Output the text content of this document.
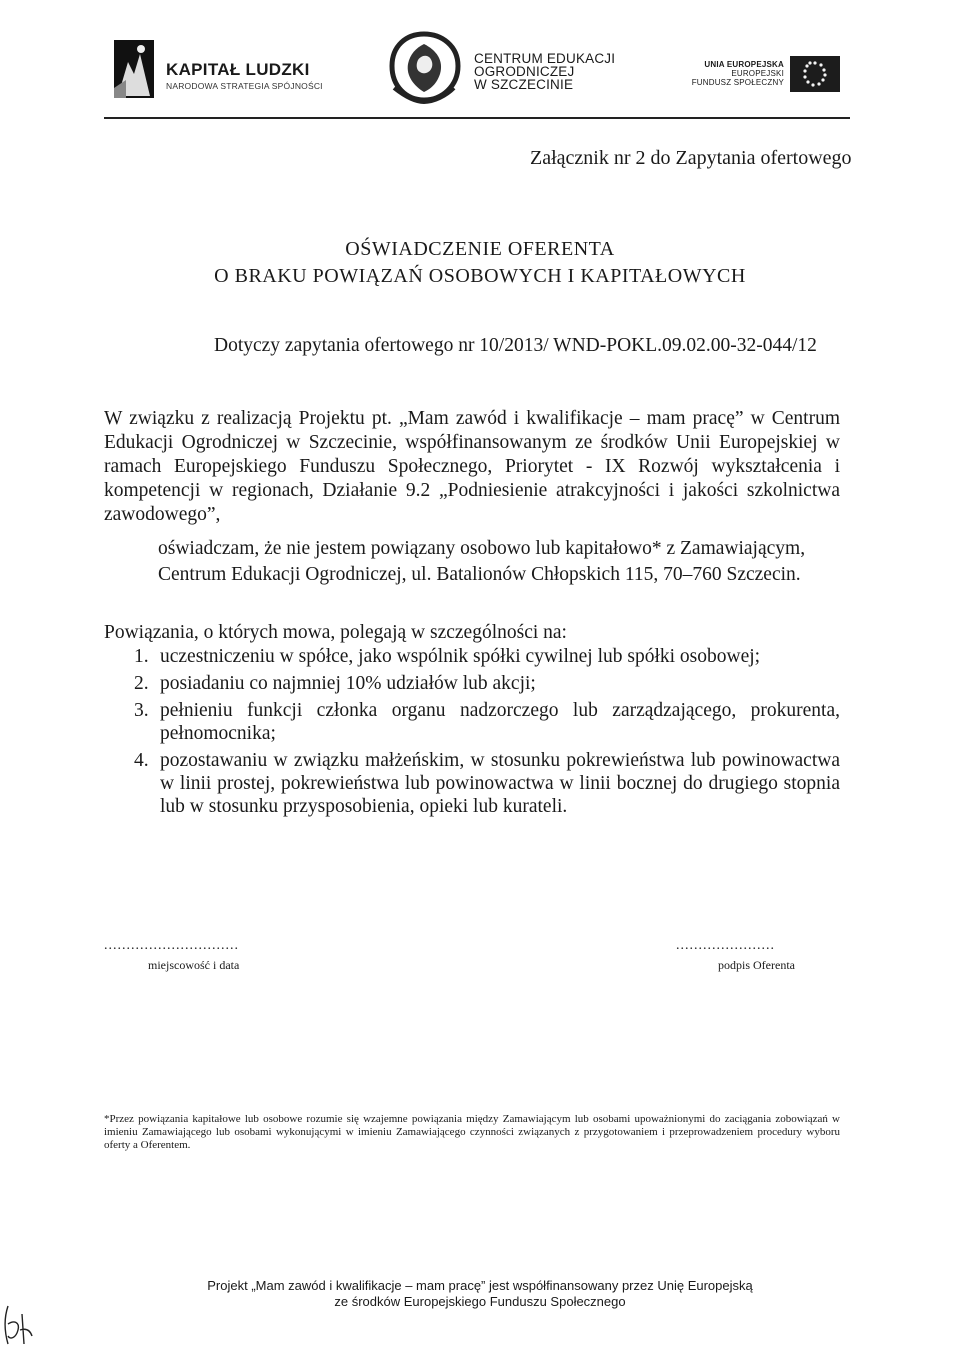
KAPITAŁ LUDZKI
NARODOWA STRATEGIA SPÓJNOŚCI
CENTRUM EDUKACJI
OGRODNICZEJ
W SZCZECINIE
UNIA EUROPEJSKA
EUROPEJSKI
FUNDUSZ SPOŁECZNY
Załącznik nr 2 do Zapytania ofertowego
OŚWIADCZENIE OFERENTA
O BRAKU POWIĄZAŃ OSOBOWYCH I KAPITAŁOWYCH
Dotyczy zapytania ofertowego nr 10/2013/ WND-POKL.09.02.00-32-044/12
W związku z realizacją Projektu pt. „Mam zawód i kwalifikacje – mam pracę” w Centrum Edukacji Ogrodniczej w Szczecinie, współfinansowanym ze środków Unii Europejskiej w ramach Europejskiego Funduszu Społecznego, Priorytet - IX Rozwój wykształcenia i kompetencji w regionach, Działanie 9.2 „Podniesienie atrakcyjności i jakości szkolnictwa zawodowego”,
oświadczam, że nie jestem powiązany osobowo lub kapitałowo* z Zamawiającym, Centrum Edukacji Ogrodniczej, ul. Batalionów Chłopskich 115, 70–760 Szczecin.
Powiązania, o których mowa, polegają w szczególności na:
1. uczestniczeniu w spółce, jako wspólnik spółki cywilnej lub spółki osobowej;
2. posiadaniu co najmniej 10% udziałów lub akcji;
3. pełnieniu funkcji członka organu nadzorczego lub zarządzającego, prokurenta, pełnomocnika;
4. pozostawaniu w związku małżeńskim, w stosunku pokrewieństwa lub powinowactwa w linii prostej, pokrewieństwa lub powinowactwa w linii bocznej do drugiego stopnia lub w stosunku przysposobienia, opieki lub kurateli.
..............................
miejscowość i data
......................
podpis Oferenta
*Przez powiązania kapitałowe lub osobowe rozumie się wzajemne powiązania między Zamawiającym lub osobami upoważnionymi do zaciągania zobowiązań w imieniu Zamawiającego lub osobami wykonującymi w imieniu Zamawiającego czynności związanych z przygotowaniem i przeprowadzeniem procedury wyboru oferty a Oferentem.
Projekt „Mam zawód i kwalifikacje – mam pracę” jest współfinansowany przez Unię Europejską
ze środków Europejskiego Funduszu Społecznego
